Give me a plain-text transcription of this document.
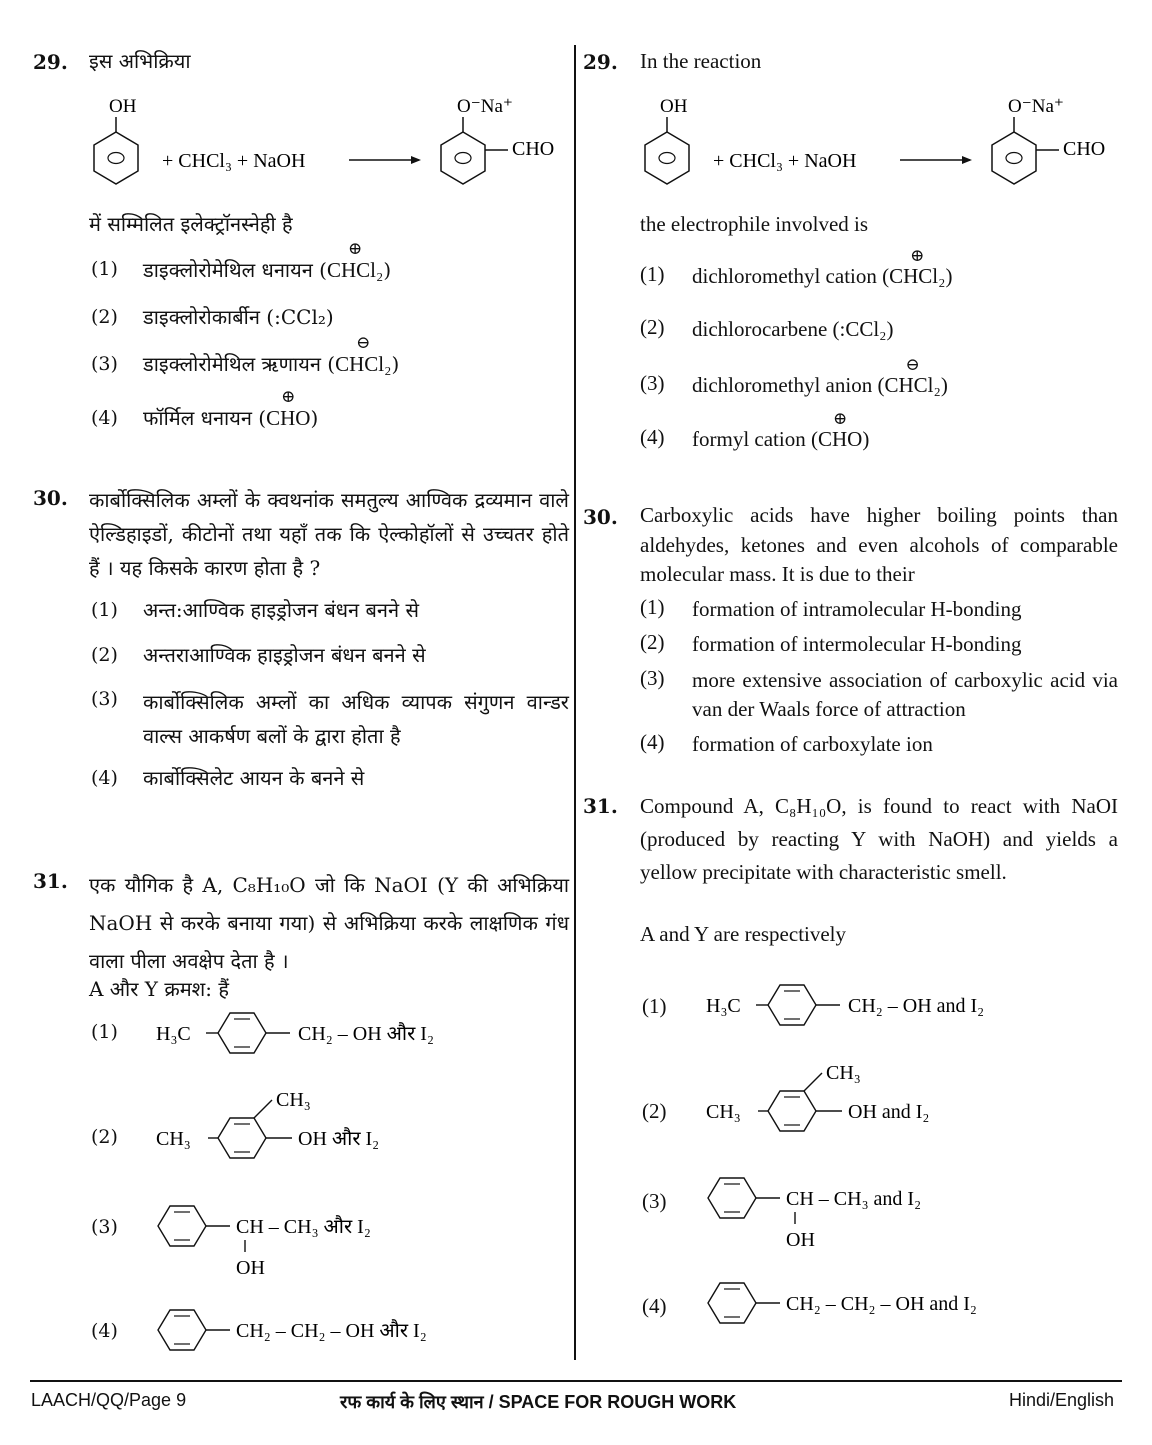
29. इस अभिक्रिया
OH
+ CHCl₃ + NaOH
O⁻Na⁺
CHO
में सम्मिलित इलेक्ट्रॉनस्नेही है
(1) डाइक्लोरोमेथिल धनायन (
⊕
CHCl₂)
(2) डाइक्लोरोकार्बीन (:CCl₂)
(3) डाइक्लोरोमेथिल ऋणायन (
⊖
CHCl₂)
(4) फॉर्मिल धनायन (
⊕
CHO)
30. कार्बोक्सिलिक अम्लों के क्वथनांक समतुल्य आण्विक द्रव्यमान वाले ऐल्डिहाइडों, कीटोनों तथा यहाँ तक कि ऐल्कोहॉलों से उच्चतर होते हैं । यह किसके कारण होता है ?
(1) अन्त:आण्विक हाइड्रोजन बंधन बनने से
(2) अन्तराआण्विक हाइड्रोजन बंधन बनने से
(3) कार्बोक्सिलिक अम्लों का अधिक व्यापक संगुणन वान्डर वाल्स आकर्षण बलों के द्वारा होता है
(4) कार्बोक्सिलेट आयन के बनने से
31. एक यौगिक है A, C₈H₁₀O जो कि NaOI (Y की अभिक्रिया NaOH से करके बनाया गया) से अभिक्रिया करके लाक्षणिक गंध वाला पीला अवक्षेप देता है ।
A और Y क्रमश: हैं
(1) H₃C	CH₂ – OH और I₂
(2) CH₃
CH₃
OH और I₂
(3)	CH – CH₃ और I₂
OH
(4)	CH₂ – CH₂ – OH और I₂
29. In the reaction
OH
+ CHCl₃ + NaOH
O⁻Na⁺
CHO
the electrophile involved is
(1) dichloromethyl cation (
⊕
CHCl₂)
(2) dichlorocarbene (:CCl₂)
(3) dichloromethyl anion (
⊖
CHCl₂)
(4) formyl cation (
⊕
CHO)
30. Carboxylic acids have higher boiling points than aldehydes, ketones and even alcohols of comparable molecular mass. It is due to their
(1) formation of intramolecular H-bonding
(2) formation of intermolecular H-bonding
(3) more extensive association of carboxylic acid via van der Waals force of attraction
(4) formation of carboxylate ion
31. Compound A, C₈H₁₀O, is found to react with NaOI (produced by reacting Y with NaOH) and yields a yellow precipitate with characteristic smell.
A and Y are respectively
(1) H₃C	CH₂ – OH and I₂
(2) CH₃
CH₃
OH and I₂
(3)	CH – CH₃ and I₂
OH
(4)	CH₂ – CH₂ – OH and I₂
LAACH/QQ/Page 9	रफ कार्य के लिए स्थान / SPACE FOR ROUGH WORK	Hindi/English
